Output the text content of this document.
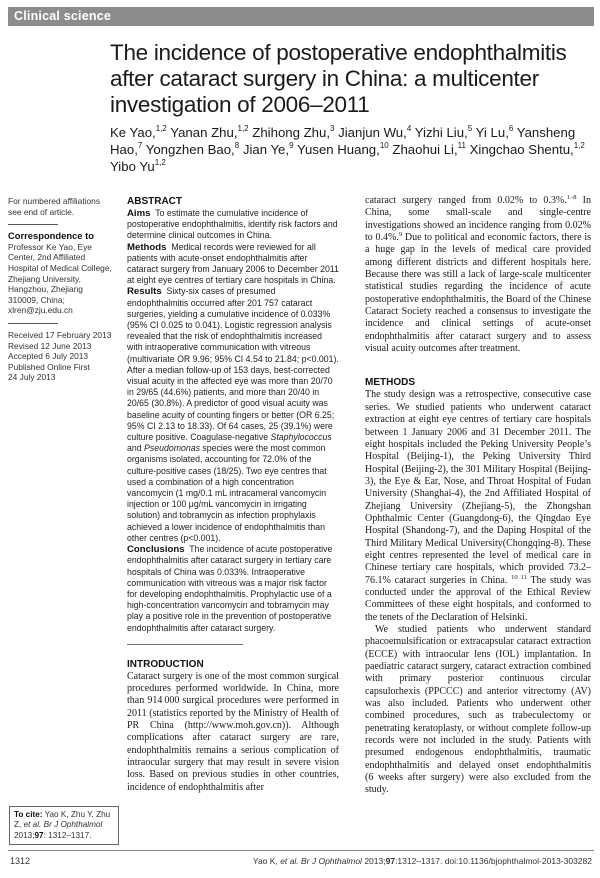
Clinical science
The incidence of postoperative endophthalmitis after cataract surgery in China: a multicenter investigation of 2006–2011
Ke Yao,$^{1,2}$ Yanan Zhu,$^{1,2}$ Zhihong Zhu,$^3$ Jianjun Wu,$^4$ Yizhi Liu,$^5$ Yi Lu,$^6$ Yansheng Hao,$^7$ Yongzhen Bao,$^8$ Jian Ye,$^9$ Yusen Huang,$^{10}$ Zhaohui Li,$^{11}$ Xingchao Shentu,$^{1,2}$ Yibo Yu$^{1,2}$

For numbered affiliations see end of article.

Correspondence to

Professor Ke Yao, Eye Center, 2nd Affiliated Hospital of Medical College, Zhejiang University, Hangzhou, Zhejiang 310009, China; xlren@zju.edu.cn

Received 17 February 2013

Revised 12 June 2013

Accepted 6 July 2013

Published Online First

24 July 2013

To cite: Yao K, Zhu Y, Zhu Z, et al. Br J Ophthalmol 2013;97: 1312–1317.
ABSTRACT

Aims To estimate the cumulative incidence of postoperative endophthalmitis, identify risk factors and determine clinical outcomes in China.

Methods Medical records were reviewed for all patients with acute-onset endophthalmitis after cataract surgery from January 2006 to December 2011 at eight eye centres of tertiary care hospitals in China.

Results Sixty-six cases of presumed endophthalmitis occurred after 201 757 cataract surgeries, yielding a cumulative incidence of 0.033% (95% CI 0.025 to 0.041). Logistic regression analysis revealed that the risk of endophthalmitis increased with intraoperative communication with vitreous (multivariate OR 9.96; 95% CI 4.54 to 21.84; p<0.001). After a median follow-up of 153 days, best-corrected visual acuity in the affected eye was more than 20/70 in 29/65 (44.6%) patients, and more than 20/40 in 20/65 (30.8%). A predictor of good visual acuity was baseline acuity of counting fingers or better (OR 6.25; 95% CI 2.13 to 18.33). Of 64 cases, 25 (39.1%) were culture positive. Coagulase-negative Staphylococcus and Pseudomonas species were the most common organisms isolated, accounting for 72.0% of the culture-positive cases (18/25). Two eye centres that used a combination of a high concentration vancomycin (1 mg/0.1 mL intracameral vancomycin injection or 100 μg/mL vancomycin in irrigating solution) and tobramycin as infection prophylaxis achieved a lower incidence of endophthalmitis than other centres (p<0.001).

Conclusions The incidence of acute postoperative endophthalmitis after cataract surgery in tertiary care hospitals of China was 0.033%. Intraoperative communication with vitreous was a major risk factor for developing endophthalmitis. Prophylactic use of a high-concentration vancomycin and tobramycin may play a positive role in the prevention of postoperative endophthalmitis after cataract surgery.

INTRODUCTION

Cataract surgery is one of the most common surgical procedures performed worldwide. In China, more than 914 000 surgical procedures were performed in 2011 (statistics reported by the Ministry of Health of PR China (http://www.moh.gov.cn)). Although complications after cataract surgery are rare, endophthalmitis remains a serious complication of intraocular surgery that may result in severe vision loss. Based on previous studies in other countries, incidence of endophthalmitis after

cataract surgery ranged from 0.02% to 0.3%.$^{1-8}$ In China, some small-scale and single-centre investigations showed an incidence ranging from 0.02% to 0.4%.$^9$ Due to political and economic factors, there is a huge gap in the levels of medical care provided among different districts and different hospitals here. Because there was still a lack of large-scale multicenter statistical studies regarding the incidence of acute postoperative endophthalmitis, the Board of the Chinese Cataract Society reached a consensus to investigate the incidence and clinical settings of acute-onset endophthalmitis after cataract surgery and to assess visual acuity outcomes after treatment.

METHODS

The study design was a retrospective, consecutive case series. We studied patients who underwent cataract extraction at eight eye centres of tertiary care hospitals between 1 January 2006 and 31 December 2011. The eight hospitals included the Peking University People’s Hospital (Beijing-1), the Peking University Third Hospital (Beijing-2), the 301 Military Hospital (Beijing-3), the Eye & Ear, Nose, and Throat Hospital of Fudan University (Shanghai-4), the 2nd Affiliated Hospital of Zhejiang University (Zhejiang-5), the Zhongshan Ophthalmic Center (Guangdong-6), the Qingdao Eye Hospital (Shandong-7), and the Daping Hospital of the Third Military Medical University(Chongqing-8). These eight centres represented the level of medical care in Chinese tertiary care hospitals, which provided 73.2–76.1% cataract surgeries in China. $^{10 11}$ The study was conducted under the approval of the Ethical Review Committees of these eight hospitals, and conformed to the tenets of the Declaration of Helsinki.

We studied patients who underwent standard phacoemulsification or extracapsular cataract extraction (ECCE) with intraocular lens (IOL) implantation. In paediatric cataract surgery, cataract extraction combined with primary posterior continuous circular capsulorhexis (PPCCC) and anterior vitrectomy (AV) was also included. Patients who underwent other combined procedures, such as trabeculectomy or penetrating keratoplasty, or without complete follow-up records were not included in the study. Patients with presumed endogenous endophthalmitis, traumatic endophthalmitis and delayed onset endophthalmitis (6 weeks after surgery) were also excluded from the study.

1312	Yao K, et al. Br J Ophthalmol 2013;97:1312–1317. doi:10.1136/bjophthalmol-2013-303282
